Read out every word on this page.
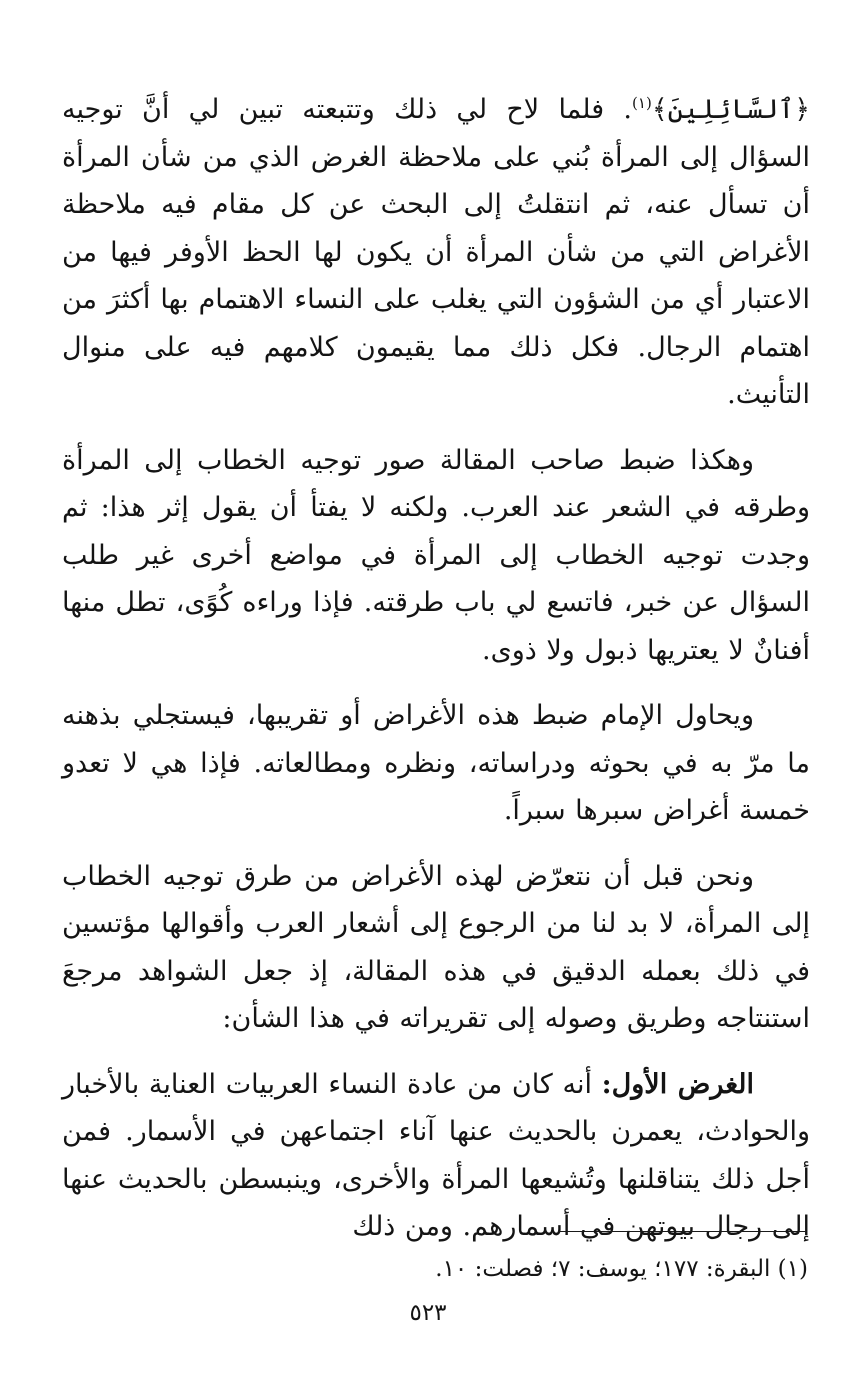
﴿ٱلسَّائِلِينَ﴾$^{(١)}$. فلما لاح لي ذلك وتتبعته تبين لي أنَّ توجيه السؤال إلى المرأة بُني على ملاحظة الغرض الذي من شأن المرأة أن تسأل عنه، ثم انتقلتُ إلى البحث عن كل مقام فيه ملاحظة الأغراض التي من شأن المرأة أن يكون لها الحظ الأوفر فيها من الاعتبار أي من الشؤون التي يغلب على النساء الاهتمام بها أكثرَ من اهتمام الرجال. فكل ذلك مما يقيمون كلامهم فيه على منوال التأنيث.

وهكذا ضبط صاحب المقالة صور توجيه الخطاب إلى المرأة وطرقه في الشعر عند العرب. ولكنه لا يفتأ أن يقول إثر هذا: ثم وجدت توجيه الخطاب إلى المرأة في مواضع أخرى غير طلب السؤال عن خبر، فاتسع لي باب طرقته. فإذا وراءه كُوًى، تطل منها أفنانٌ لا يعتريها ذبول ولا ذوى.

ويحاول الإمام ضبط هذه الأغراض أو تقريبها، فيستجلي بذهنه ما مرّ به في بحوثه ودراساته، ونظره ومطالعاته. فإذا هي لا تعدو خمسة أغراض سبرها سبراً.

ونحن قبل أن نتعرّض لهذه الأغراض من طرق توجيه الخطاب إلى المرأة، لا بد لنا من الرجوع إلى أشعار العرب وأقوالها مؤتسين في ذلك بعمله الدقيق في هذه المقالة، إذ جعل الشواهد مرجعَ استنتاجه وطريق وصوله إلى تقريراته في هذا الشأن:

الغرض الأول: أنه كان من عادة النساء العربيات العناية بالأخبار والحوادث، يعمرن بالحديث عنها آناء اجتماعهن في الأسمار. فمن أجل ذلك يتناقلنها وتُشيعها المرأة والأخرى، وينبسطن بالحديث عنها إلى رجال بيوتهن في أسمارهم. ومن ذلك

(١) البقرة: ١٧٧؛ يوسف: ٧؛ فصلت: ١٠.
٥٢٣
